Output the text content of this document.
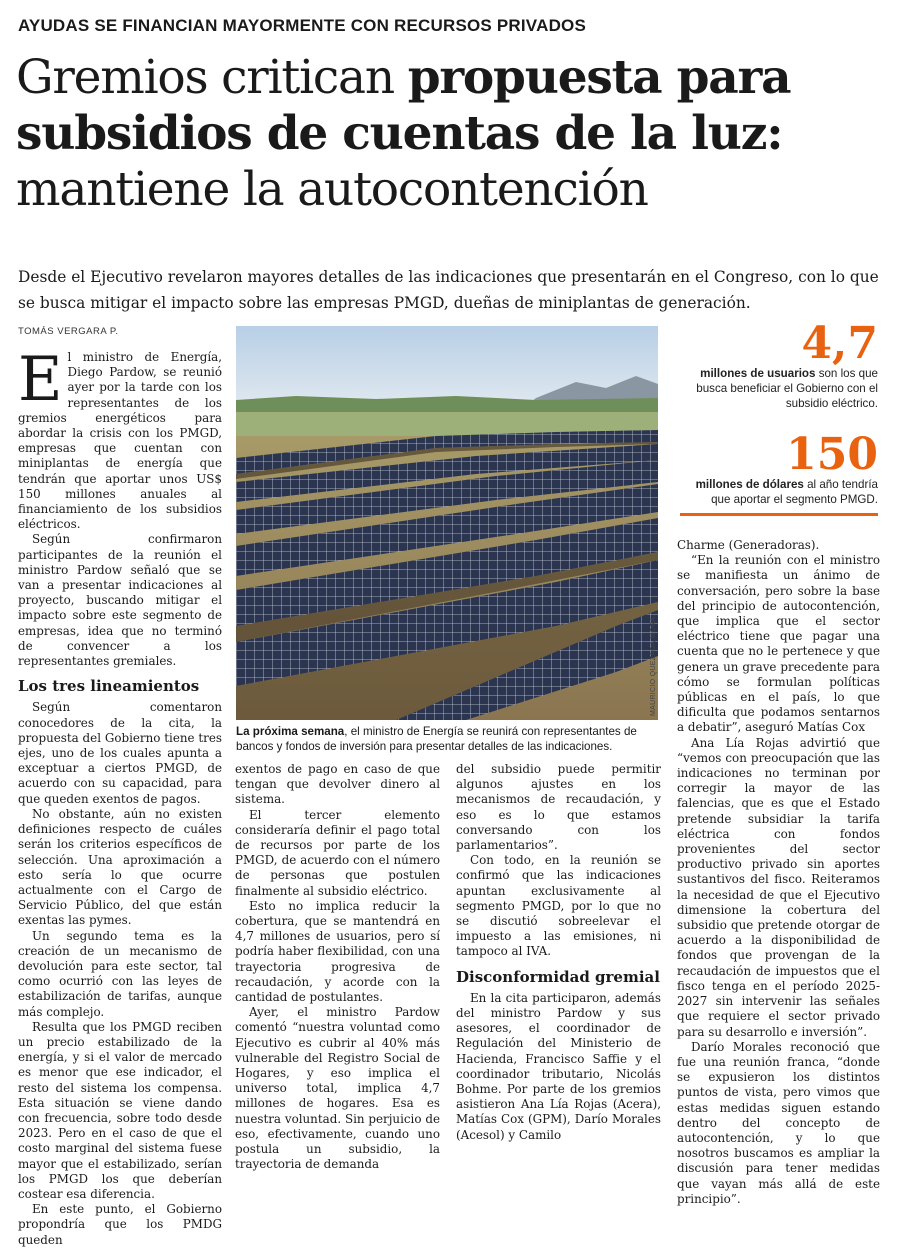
AYUDAS SE FINANCIAN MAYORMENTE CON RECURSOS PRIVADOS
Gremios critican propuesta para subsidios de cuentas de la luz: mantiene la autocontención
Desde el Ejecutivo revelaron mayores detalles de las indicaciones que presentarán en el Congreso, con lo que se busca mitigar el impacto sobre las empresas PMGD, dueñas de miniplantas de generación.
TOMÁS VERGARA P.

El ministro de Energía, Diego Pardow, se reunió ayer por la tarde con los representantes de los gremios energéticos para abordar la crisis con los PMGD, empresas que cuentan con miniplantas de energía que tendrán que aportar unos US$ 150 millones anuales al financiamiento de los subsidios eléctricos.

Según confirmaron participantes de la reunión el ministro Pardow señaló que se van a presentar indicaciones al proyecto, buscando mitigar el impacto sobre este segmento de empresas, idea que no terminó de convencer a los representantes gremiales.

Los tres lineamientos

Según comentaron conocedores de la cita, la propuesta del Gobierno tiene tres ejes, uno de los cuales apunta a exceptuar a ciertos PMGD, de acuerdo con su capacidad, para que queden exentos de pagos.

No obstante, aún no existen definiciones respecto de cuáles serán los criterios específicos de selección. Una aproximación a esto sería lo que ocurre actualmente con el Cargo de Servicio Público, del que están exentas las pymes.

Un segundo tema es la creación de un mecanismo de devolución para este sector, tal como ocurrió con las leyes de estabilización de tarifas, aunque más complejo.

Resulta que los PMGD reciben un precio estabilizado de la energía, y si el valor de mercado es menor que ese indicador, el resto del sistema los compensa. Esta situación se viene dando con frecuencia, sobre todo desde 2023. Pero en el caso de que el costo marginal del sistema fuese mayor que el estabilizado, serían los PMGD los que deberían costear esa diferencia.

En este punto, el Gobierno propondría que los PMDG queden

MAURICIO QUEZADA MORA.
La próxima semana, el ministro de Energía se reunirá con representantes de bancos y fondos de inversión para presentar detalles de las indicaciones.

exentos de pago en caso de que tengan que devolver dinero al sistema.

El tercer elemento consideraría definir el pago total de recursos por parte de los PMGD, de acuerdo con el número de personas que postulen finalmente al subsidio eléctrico.

Esto no implica reducir la cobertura, que se mantendrá en 4,7 millones de usuarios, pero sí podría haber flexibilidad, con una trayectoria progresiva de recaudación, y acorde con la cantidad de postulantes.

Ayer, el ministro Pardow comentó “nuestra voluntad como Ejecutivo es cubrir al 40% más vulnerable del Registro Social de Hogares, y eso implica el universo total, implica 4,7 millones de hogares. Esa es nuestra voluntad. Sin perjuicio de eso, efectivamente, cuando uno postula un subsidio, la trayectoria de demanda

del subsidio puede permitir algunos ajustes en los mecanismos de recaudación, y eso es lo que estamos conversando con los parlamentarios”.

Con todo, en la reunión se confirmó que las indicaciones apuntan exclusivamente al segmento PMGD, por lo que no se discutió sobreelevar el impuesto a las emisiones, ni tampoco al IVA.

Disconformidad gremial

En la cita participaron, además del ministro Pardow y sus asesores, el coordinador de Regulación del Ministerio de Hacienda, Francisco Saffie y el coordinador tributario, Nicolás Bohme. Por parte de los gremios asistieron Ana Lía Rojas (Acera), Matías Cox (GPM), Darío Morales (Acesol) y Camilo

4,7
millones de usuarios son los que busca beneficiar el Gobierno con el subsidio eléctrico.
150
millones de dólares al año tendría que aportar el segmento PMGD.

Charme (Generadoras).

“En la reunión con el ministro se manifiesta un ánimo de conversación, pero sobre la base del principio de autocontención, que implica que el sector eléctrico tiene que pagar una cuenta que no le pertenece y que genera un grave precedente para cómo se formulan políticas públicas en el país, lo que dificulta que podamos sentarnos a debatir”, aseguró Matías Cox

Ana Lía Rojas advirtió que “vemos con preocupación que las indicaciones no terminan por corregir la mayor de las falencias, que es que el Estado pretende subsidiar la tarifa eléctrica con fondos provenientes del sector productivo privado sin aportes sustantivos del fisco. Reiteramos la necesidad de que el Ejecutivo dimensione la cobertura del subsidio que pretende otorgar de acuerdo a la disponibilidad de fondos que provengan de la recaudación de impuestos que el fisco tenga en el período 2025-2027 sin intervenir las señales que requiere el sector privado para su desarrollo e inversión”.

Darío Morales reconoció que fue una reunión franca, “donde se expusieron los distintos puntos de vista, pero vimos que estas medidas siguen estando dentro del concepto de autocontención, y lo que nosotros buscamos es ampliar la discusión para tener medidas que vayan más allá de este principio”.
